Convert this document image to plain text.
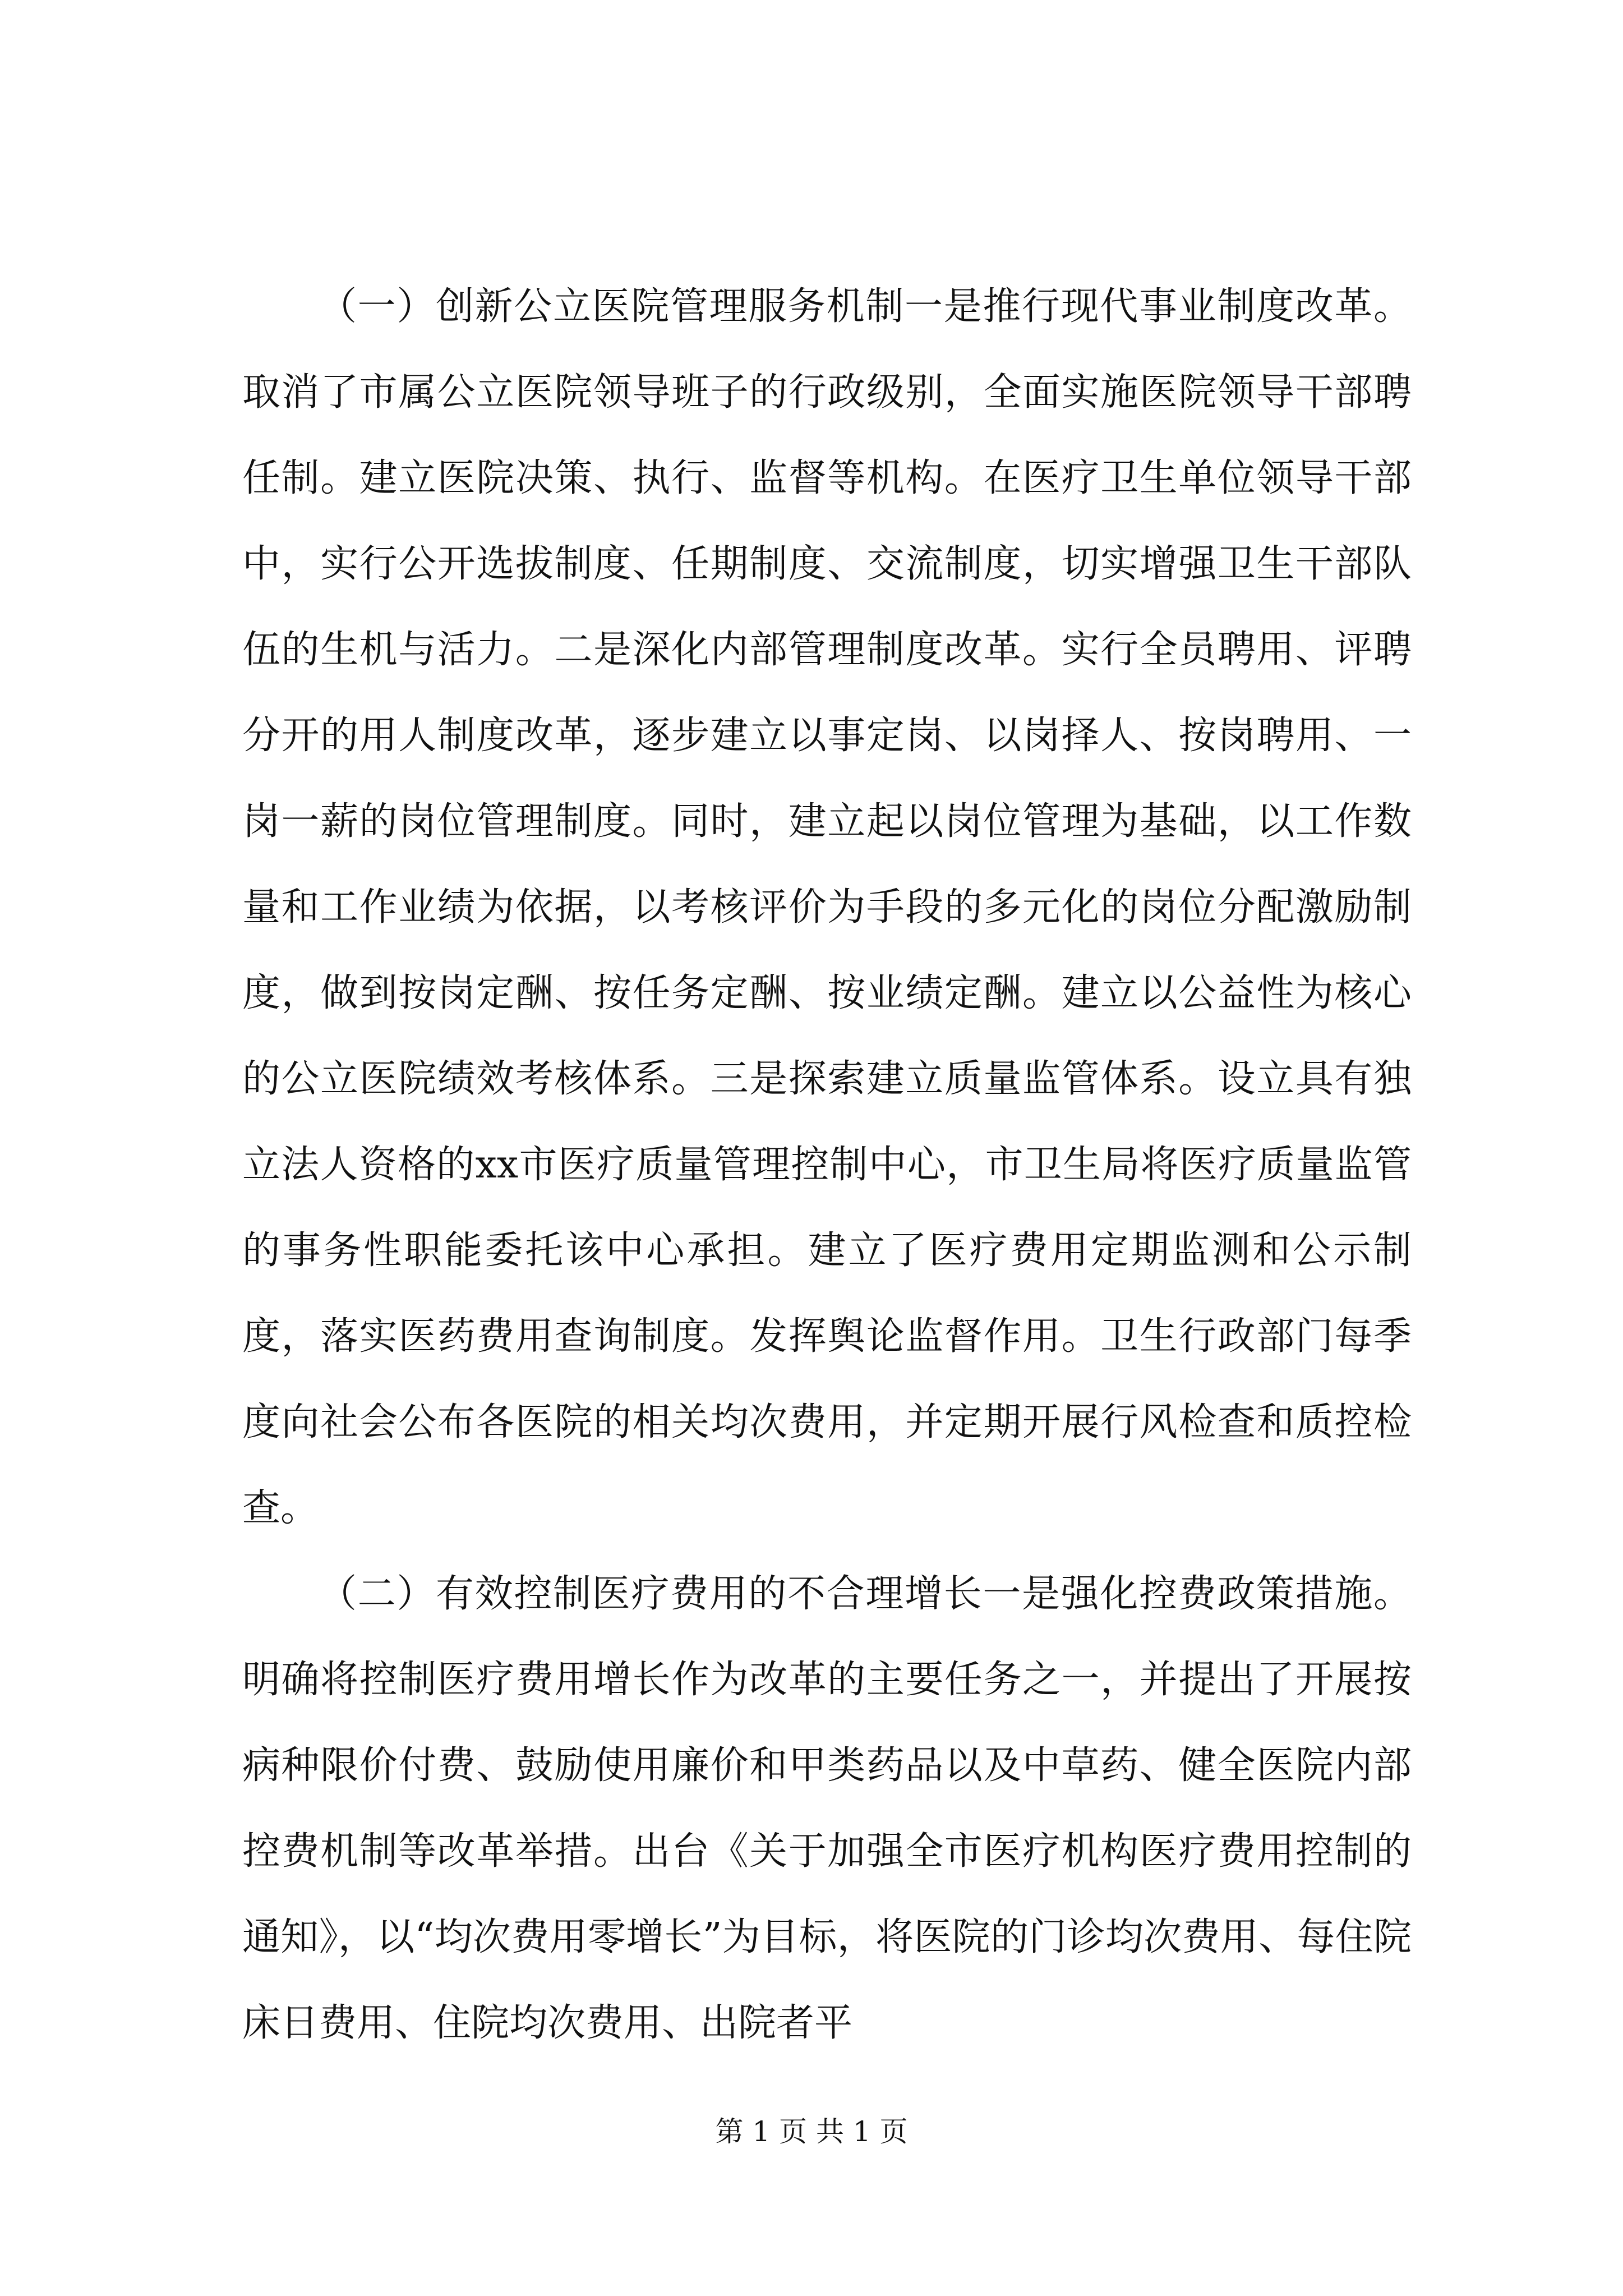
（一）创新公立医院管理服务机制一是推行现代事业制度改革。取消了市属公立医院领导班子的行政级别，全面实施医院领导干部聘任制。建立医院决策、执行、监督等机构。在医疗卫生单位领导干部中，实行公开选拔制度、任期制度、交流制度，切实增强卫生干部队伍的生机与活力。二是深化内部管理制度改革。实行全员聘用、评聘分开的用人制度改革，逐步建立以事定岗、以岗择人、按岗聘用、一岗一薪的岗位管理制度。同时，建立起以岗位管理为基础，以工作数量和工作业绩为依据，以考核评价为手段的多元化的岗位分配激励制度，做到按岗定酬、按任务定酬、按业绩定酬。建立以公益性为核心的公立医院绩效考核体系。三是探索建立质量监管体系。设立具有独立法人资格的xx市医疗质量管理控制中心，市卫生局将医疗质量监管的事务性职能委托该中心承担。建立了医疗费用定期监测和公示制度，落实医药费用查询制度。发挥舆论监督作用。卫生行政部门每季度向社会公布各医院的相关均次费用，并定期开展行风检查和质控检查。

（二）有效控制医疗费用的不合理增长一是强化控费政策措施。明确将控制医疗费用增长作为改革的主要任务之一，并提出了开展按病种限价付费、鼓励使用廉价和甲类药品以及中草药、健全医院内部控费机制等改革举措。出台《关于加强全市医疗机构医疗费用控制的通知》，以“均次费用零增长”为目标，将医院的门诊均次费用、每住院床日费用、住院均次费用、出院者平

第 1 页 共 1 页
